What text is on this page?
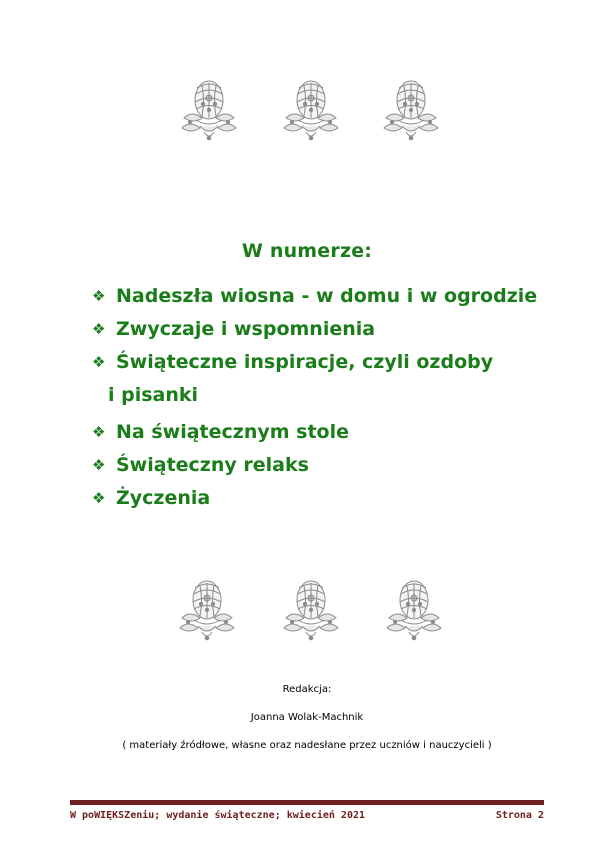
W numerze:
❖ Nadeszła wiosna - w domu i w ogrodzie
❖ Zwyczaje i wspomnienia
❖ Świąteczne inspiracje, czyli ozdoby
i pisanki
❖ Na świątecznym stole
❖ Świąteczny relaks
❖ Życzenia
Redakcja:
Joanna Wolak-Machnik
( materiały źródłowe, własne oraz nadesłane przez uczniów i nauczycieli )
W poWIĘKSZeniu; wydanie świąteczne; kwiecień 2021	Strona 2
